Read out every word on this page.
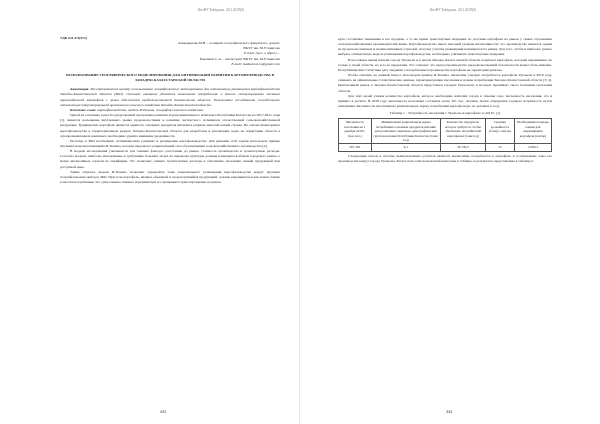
КазНУ Хабаршы. 2(1) 2019(б)

УДК 631.4:9(574)

Ахмедьянова М.В. – аспирант географического факультета, доцент,

ВКТУ им. М.Утемисова

E-mail: (тел. и адрес) ...

Бадашева С.А. – магистрант ВКТУ им. М.Утемисова

E-mail: badasheva.ss@gmail.com

ИСПОЛЬЗОВАНИЕ ГЕОГРАФИЧЕСКОГО МОДЕЛИРОВАНИЯ ДЛЯ ОПТИМИЗАЦИИ РАЗВИТИЯ КАРТОФЕЛЕВОДСТВА В ЗАПАДНО-КАЗАХСТАНСКОЙ ОБЛАСТИ

Аннотация. Рассматривается пример использования географического моделирования для оптимизации размещения картофелеводства Западно-Казахстанской области (ЗКО). Основное внимание уделяется повышению потребления, а также стимулированию местных производителей картофеля с целью обеспечения продовольственной безопасности области. Результаты исследования способствуют оптимизации территориальной организации сельского хозяйства Западно-Казахстанской области.

Ключевые слова: картофелеводство, модель И.Тюнена, география сельского хозяйства.

Одной из основных задач Государственной программы развития агропромышленного комплекса Республики Казахстан на 2017-2021 годы [1], является насыщение внутреннего рынка продовольствием и развитие экспортного потенциала отечественной сельскохозяйственной продукции. Традиционно картофель является одним из основных продуктов питания в рационе жителей нашей страны. На основе мониторинга картофелеводства в территориальном разрезе Западно-Казахстанской области для разработки и реализации задач на территории области в агропромышленном комплексе необходимо уделять внимание урожайности.

Поэтому, в ЗКО необходимо оптимизировать развитие и расширение картофелеводства. Для решения этой задачи используем пример изучения модели размещения И.Тюнена, которая предлагает рациональный способ размещения сельскохозяйственного производства [2].

В модели исследования учитывается три главных фактора: расстояние до рынка, стоимость производства и транспортные расходы. Согласно модели, наиболее интенсивные и требующие больших затрат на перевозку культуры должны размещаться вблизи городского рынка, а менее интенсивные отрасли на периферии. Это позволяет снизить транспортные расходы и обеспечить население свежей продукцией при доступной цене.

Таким образом, модель И.Тюнена позволяет определить зоны рационального размещения картофелеводства вокруг крупных потребительских центров ЗКО. При этом картофель, являясь объемной и скоропортящейся продукцией, должен выращиваться как можно ближе к местам потребления, что существенно снижает издержки при его хранении и транспортировке на рынок.

443
КазНУ Хабаршы. 2(1) 2019(б)

купа составляют изменения в его продаже, а то же время транспортные издержки по доставке картофеля на рынок у самых отдаленных сельскохозяйственных производителей выше. Картофелеводство имеет высокий уровень интенсивности: что производство является одним из продовольственных и взаимосвязанных отраслей, поэтому участки размещения изменяются по рынку. Для того, чтобы в наиболее удачно выбрать оптимальную модель размещения картофелеводства, необходимо учитывать транспортные издержки.

В настоящее время жители города Уральска и в целом Западно-Казахстанской области покупают картофель, который выращивают не только в своей области, но и за ее пределами. Это означает, что выход производства продовольственной безопасности может быть изменен. Республиканская статистика дает сведения о потреблении и производстве картофеля на территории региона.

Чтобы ответить на данный вопрос используем пример И.Тюнена, вычислим годовую потребность картофеля Уральска в 2018 году, опираясь на официальные статистические данные, характеризующие население и нормы потребления Западно-Казахстанской области [3; 4]. Центральный рынок в Западно-Казахстанской области представлен городом Уральском, в котором проживает около половины населения области.

Для этих целей узнаем количество картофеля, которое необходимо жителям города в течение года, численность населения, что и принято в расчёте. В 2018 году численность населения составила около 321 тыс. человек. Далее определяем годовую потребность путем умножения численности населения на рациональную норму потребления картофеля (кг на человека в год).

Таблица 1 – Потребность населения г. Уральска в картофеле за 2018 г. [1]

Численность населения на 1 декабря 2018 г.(тыс.чел.)	Минимальная рациональная норма потребления основных продуктов питания для различных социально-демографических групп населения Республики Казахстан (тонн/год)	Количество продуктов, которое требуется, чтобы обеспечить потребителей картофелем (тонн/год)	Средняя урожайность (тонн) с гектара	Необходимая площадь пашни для выращивания картофеля (гектар)
301 395	0,1	30 139,5	15	2 009,3

Следующим шагом в системе вышеуказанных расчётов является вычисление потребности в картофеле и установление зоны его производства вокруг города Уральска. Расчет всех этих показателей выполнен в таблице, и результаты представлены в таблице 2.

444
